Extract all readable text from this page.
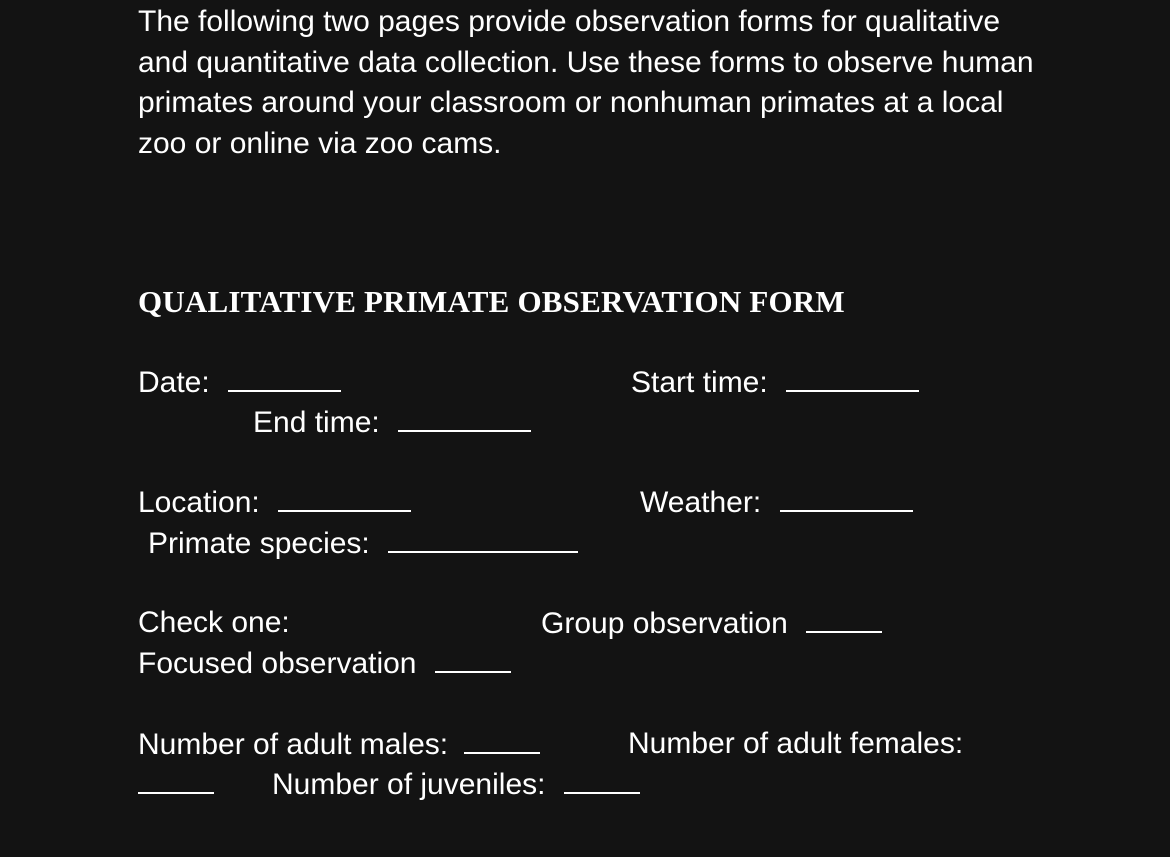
The following two pages provide observation forms for qualitative and quantitative data collection. Use these forms to observe human primates around your classroom or nonhuman primates at a local zoo or online via zoo cams.

QUALITATIVE PRIMATE OBSERVATION FORM
Date:	Start time:
End time:
Location:	Weather:
Primate species:
Check one:	Group observation
Focused observation
Number of adult males:	Number of adult females:
Number of juveniles:
